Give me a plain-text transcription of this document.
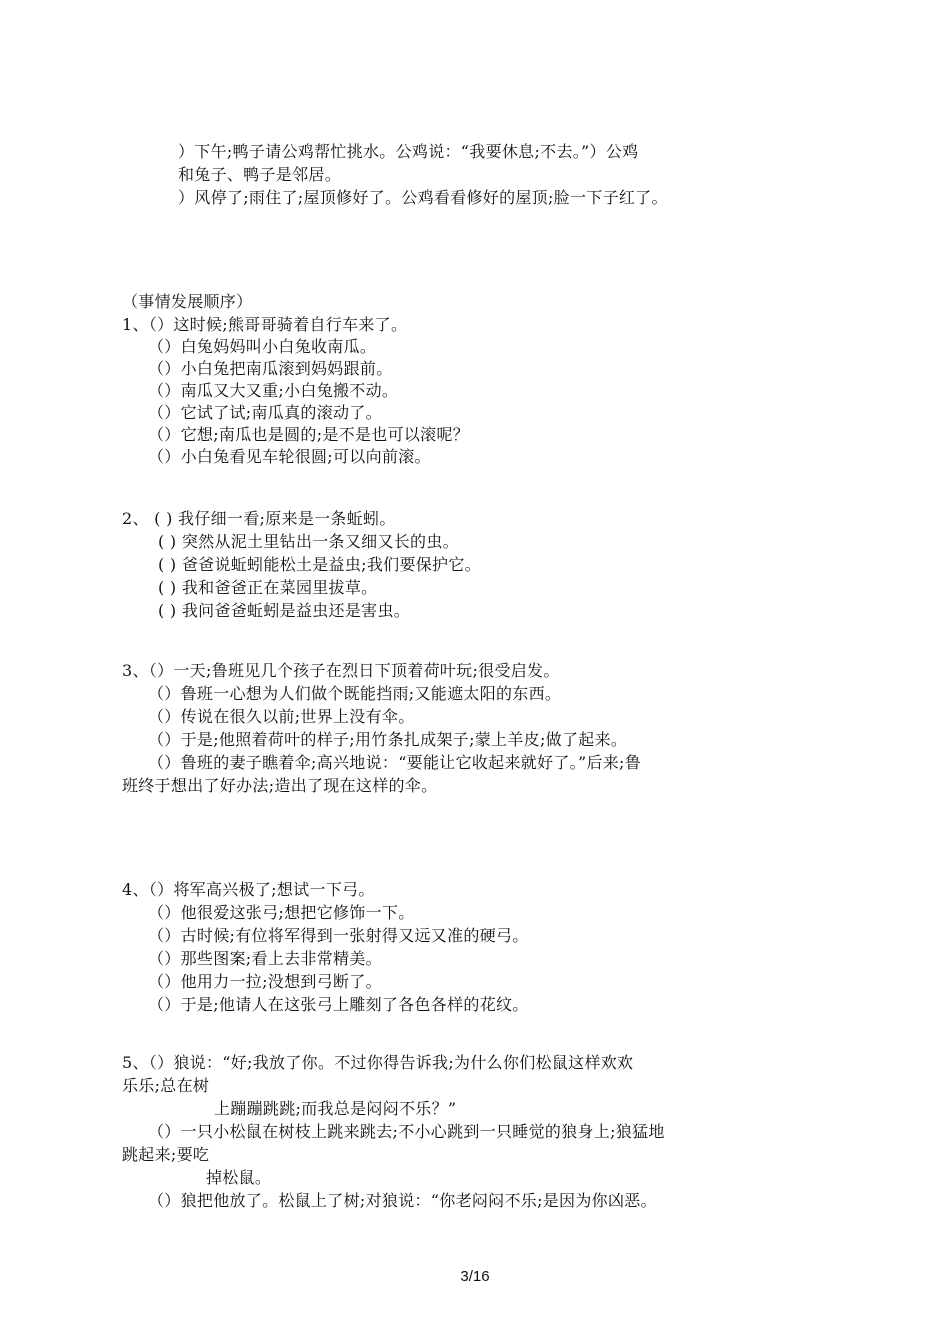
）下午;鸭子请公鸡帮忙挑水。公鸡说：“我要休息;不去。”）公鸡
和兔子、鸭子是邻居。
）风停了;雨住了;屋顶修好了。公鸡看看修好的屋顶;脸一下子红了。
（事情发展顺序）
1、（）这时候;熊哥哥骑着自行车来了。
（）白兔妈妈叫小白兔收南瓜。
（）小白兔把南瓜滚到妈妈跟前。
（）南瓜又大又重;小白兔搬不动。
（）它试了试;南瓜真的滚动了。
（）它想;南瓜也是圆的;是不是也可以滚呢？
（）小白兔看见车轮很圆;可以向前滚。
2、 ( ) 我仔细一看;原来是一条蚯蚓。
( ) 突然从泥土里钻出一条又细又长的虫。
( ) 爸爸说蚯蚓能松土是益虫;我们要保护它。
( ) 我和爸爸正在菜园里拔草。
( ) 我问爸爸蚯蚓是益虫还是害虫。
3、（）一天;鲁班见几个孩子在烈日下顶着荷叶玩;很受启发。
（）鲁班一心想为人们做个既能挡雨;又能遮太阳的东西。
（）传说在很久以前;世界上没有伞。
（）于是;他照着荷叶的样子;用竹条扎成架子;蒙上羊皮;做了起来。
（）鲁班的妻子瞧着伞;高兴地说：“要能让它收起来就好了。”后来;鲁
班终于想出了好办法;造出了现在这样的伞。
4、（）将军高兴极了;想试一下弓。
（）他很爱这张弓;想把它修饰一下。
（）古时候;有位将军得到一张射得又远又准的硬弓。
（）那些图案;看上去非常精美。
（）他用力一拉;没想到弓断了。
（）于是;他请人在这张弓上雕刻了各色各样的花纹。
5、（）狼说：“好;我放了你。不过你得告诉我;为什么你们松鼠这样欢欢
乐乐;总在树
上蹦蹦跳跳;而我总是闷闷不乐？”
（）一只小松鼠在树枝上跳来跳去;不小心跳到一只睡觉的狼身上;狼猛地
跳起来;要吃
掉松鼠。
（）狼把他放了。松鼠上了树;对狼说：“你老闷闷不乐;是因为你凶恶。
3/16
